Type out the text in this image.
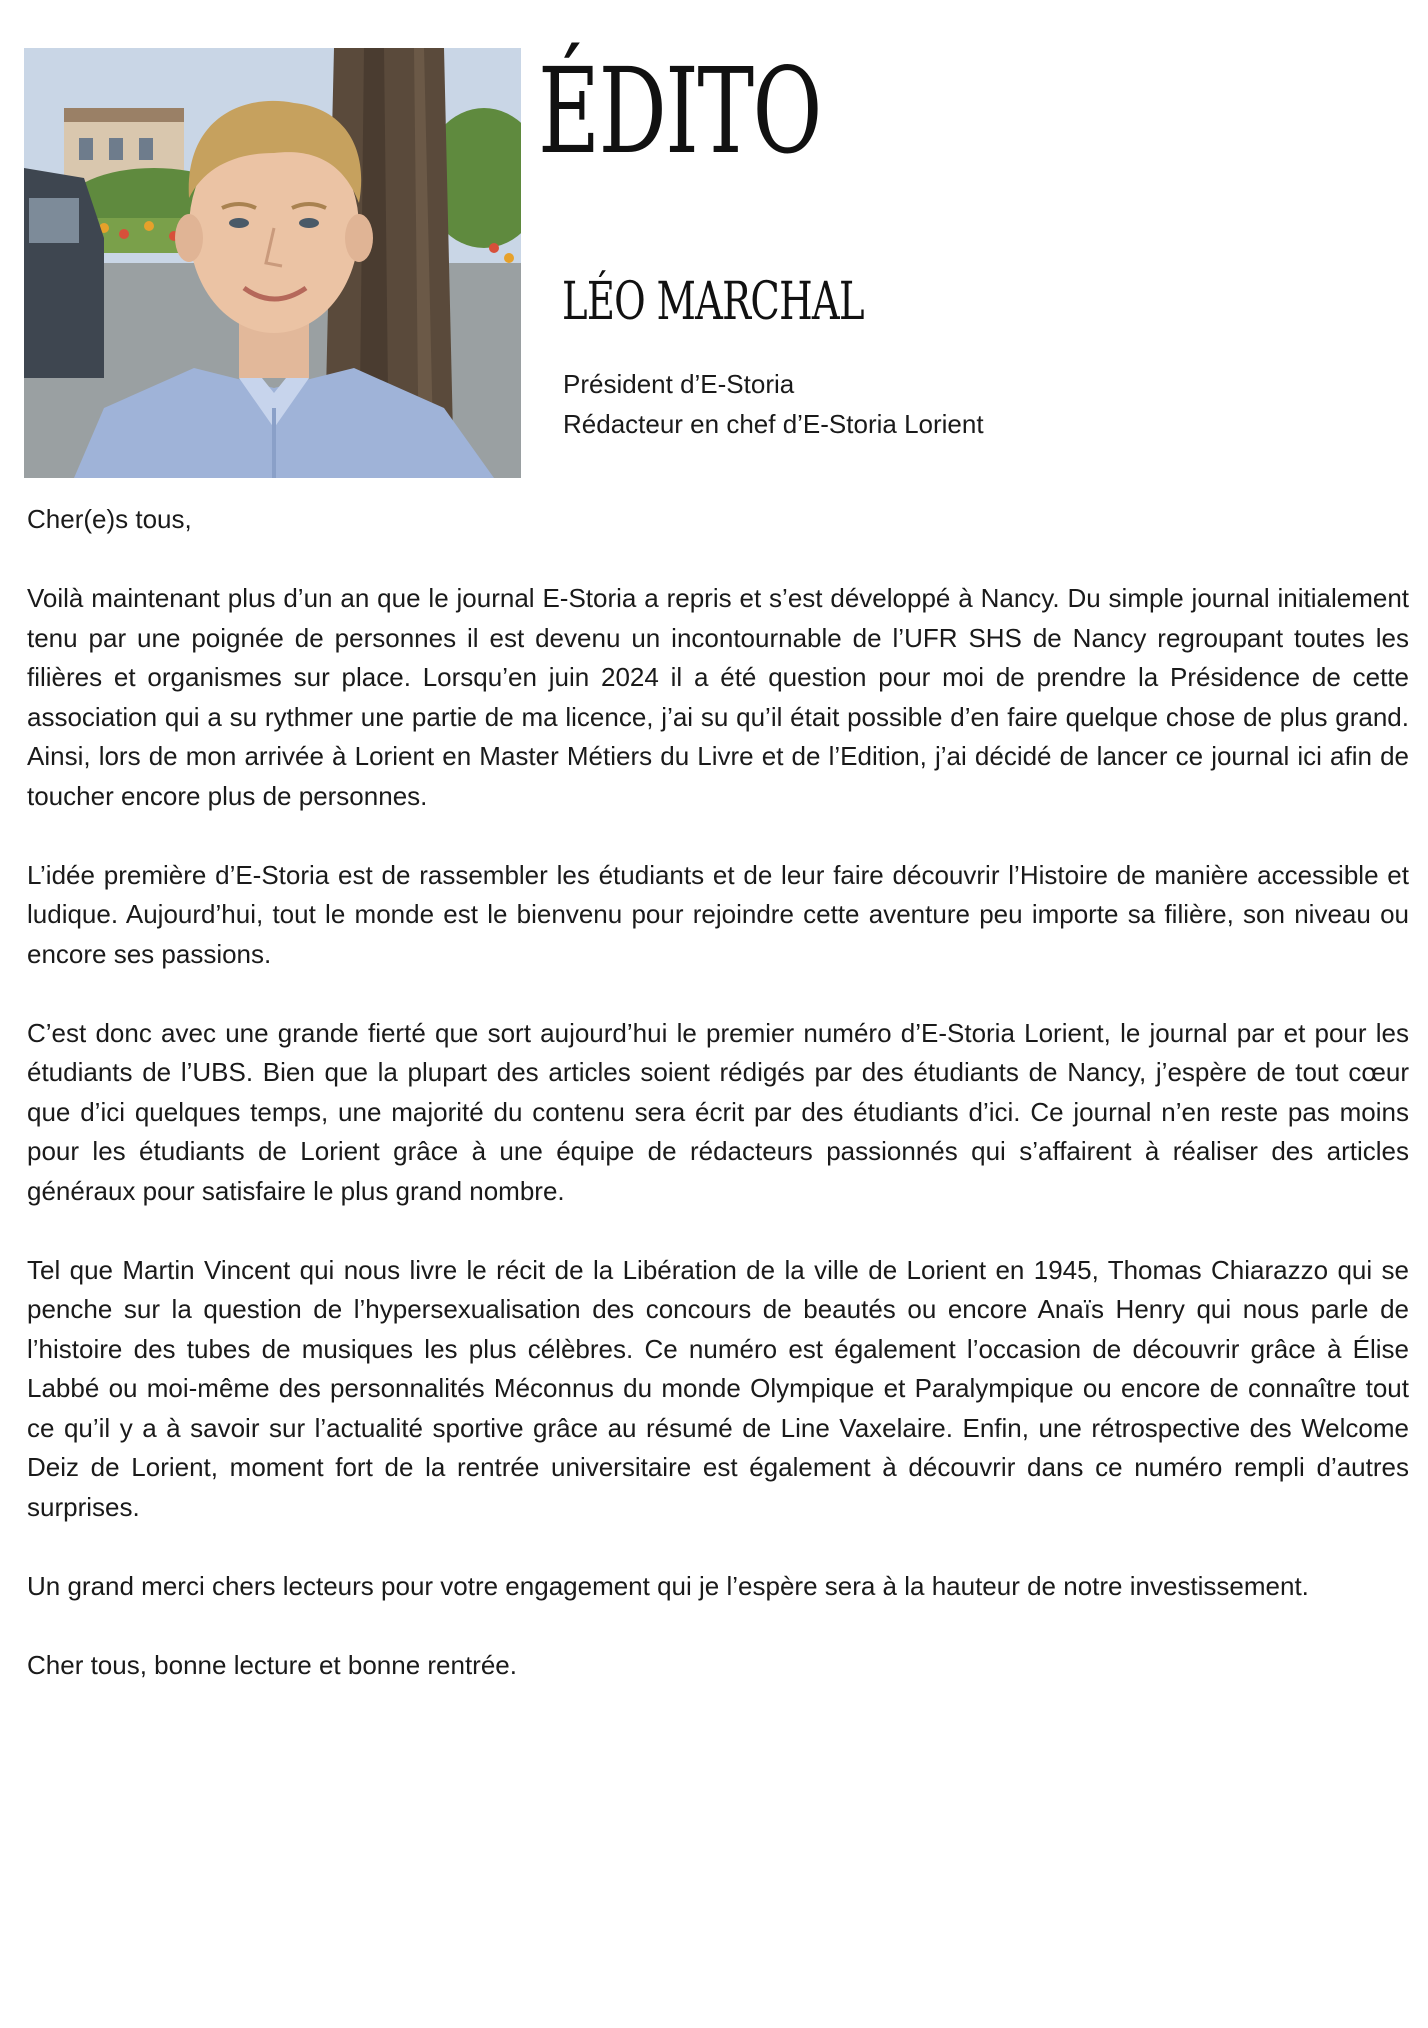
ÉDITO
LÉO MARCHAL
Président d’E-Storia
Rédacteur en chef d’E-Storia Lorient

Cher(e)s tous,

Voilà maintenant plus d’un an que le journal E-Storia a repris et s’est développé à Nancy. Du simple journal initialement tenu par une poignée de personnes il est devenu un incontournable de l’UFR SHS de Nancy regroupant toutes les filières et organismes sur place. Lorsqu’en juin 2024 il a été question pour moi de prendre la Présidence de cette association qui a su rythmer une partie de ma licence, j’ai su qu’il était possible d’en faire quelque chose de plus grand. Ainsi, lors de mon arrivée à Lorient en Master Métiers du Livre et de l’Edition, j’ai décidé de lancer ce journal ici afin de toucher encore plus de personnes.

L’idée première d’E-Storia est de rassembler les étudiants et de leur faire découvrir l’Histoire de manière accessible et ludique. Aujourd’hui, tout le monde est le bienvenu pour rejoindre cette aventure peu importe sa filière, son niveau ou encore ses passions.

C’est donc avec une grande fierté que sort aujourd’hui le premier numéro d’E-Storia Lorient, le journal par et pour les étudiants de l’UBS. Bien que la plupart des articles soient rédigés par des étudiants de Nancy, j’espère de tout cœur que d’ici quelques temps, une majorité du contenu sera écrit par des étudiants d’ici. Ce journal n’en reste pas moins pour les étudiants de Lorient grâce à une équipe de rédacteurs passionnés qui s’affairent à réaliser des articles généraux pour satisfaire le plus grand nombre.

Tel que Martin Vincent qui nous livre le récit de la Libération de la ville de Lorient en 1945, Thomas Chiarazzo qui se penche sur la question de l’hypersexualisation des concours de beautés ou encore Anaïs Henry qui nous parle de l’histoire des tubes de musiques les plus célèbres. Ce numéro est également l’occasion de découvrir grâce à Élise Labbé ou moi-même des personnalités Méconnus du monde Olympique et Paralympique ou encore de connaître tout ce qu’il y a à savoir sur l’actualité sportive grâce au résumé de Line Vaxelaire. Enfin, une rétrospective des Welcome Deiz de Lorient, moment fort de la rentrée universitaire est également à découvrir dans ce numéro rempli d’autres surprises.

Un grand merci chers lecteurs pour votre engagement qui je l’espère sera à la hauteur de notre investissement.

Cher tous, bonne lecture et bonne rentrée.
